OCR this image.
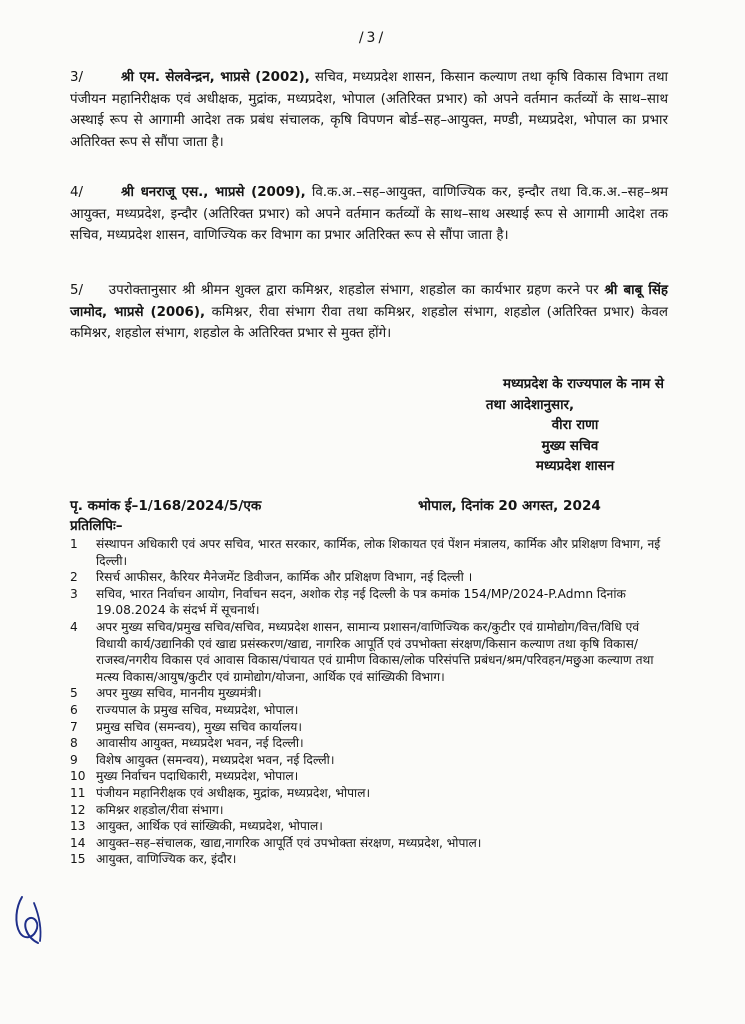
/3/
3/	श्री एम. सेलवेन्द्रन, भाप्रसे (2002), सचिव, मध्यप्रदेश शासन, किसान कल्याण तथा कृषि विकास विभाग तथा पंजीयन महानिरीक्षक एवं अधीक्षक, मुद्रांक, मध्यप्रदेश, भोपाल (अतिरिक्त प्रभार) को अपने वर्तमान कर्तव्यों के साथ–साथ अस्थाई रूप से आगामी आदेश तक प्रबंध संचालक, कृषि विपणन बोर्ड–सह–आयुक्त, मण्डी, मध्यप्रदेश, भोपाल का प्रभार अतिरिक्त रूप से सौंपा जाता है।
4/	श्री धनराजू एस., भाप्रसे (2009), वि.क.अ.–सह–आयुक्त, वाणिज्यिक कर, इन्दौर तथा वि.क.अ.–सह–श्रम आयुक्त, मध्यप्रदेश, इन्दौर (अतिरिक्त प्रभार) को अपने वर्तमान कर्तव्यों के साथ–साथ अस्थाई रूप से आगामी आदेश तक सचिव, मध्यप्रदेश शासन, वाणिज्यिक कर विभाग का प्रभार अतिरिक्त रूप से सौंपा जाता है।
5/ उपरोक्तानुसार श्री श्रीमन शुक्ल द्वारा कमिश्नर, शहडोल संभाग, शहडोल का कार्यभार ग्रहण करने पर श्री बाबू सिंह जामोद, भाप्रसे (2006), कमिश्नर, रीवा संभाग रीवा तथा कमिश्नर, शहडोल संभाग, शहडोल (अतिरिक्त प्रभार) केवल कमिश्नर, शहडोल संभाग, शहडोल के अतिरिक्त प्रभार से मुक्त होंगे।
मध्यप्रदेश के राज्यपाल के नाम से
तथा आदेशानुसार,
वीरा राणा
मुख्य सचिव
मध्यप्रदेश शासन
पृ. कमांक ई–1/168/2024/5/एक	भोपाल, दिनांक 20 अगस्त, 2024
प्रतिलिपिः–
1	संस्थापन अधिकारी एवं अपर सचिव, भारत सरकार, कार्मिक, लोक शिकायत एवं पेंशन मंत्रालय, कार्मिक और प्रशिक्षण विभाग, नई दिल्ली।
2	रिसर्च आफीसर, कैरियर मैनेजमेंट डिवीजन, कार्मिक और प्रशिक्षण विभाग, नई दिल्ली ।
3	सचिव, भारत निर्वाचन आयोग, निर्वाचन सदन, अशोक रोड़ नई दिल्ली के पत्र कमांक 154/MP/2024-P.Admn दिनांक 19.08.2024 के संदर्भ में सूचनार्थ।
4	अपर मुख्य सचिव/प्रमुख सचिव/सचिव, मध्यप्रदेश शासन, सामान्य प्रशासन/वाणिज्यिक कर/कुटीर एवं ग्रामोद्योग/वित्त/विधि एवं विधायी कार्य/उद्यानिकी एवं खाद्य प्रसंस्करण/खाद्य, नागरिक आपूर्ति एवं उपभोक्ता संरक्षण/किसान कल्याण तथा कृषि विकास/राजस्व/नगरीय विकास एवं आवास विकास/पंचायत एवं ग्रामीण विकास/लोक परिसंपत्ति प्रबंधन/श्रम/परिवहन/मछुआ कल्याण तथा मत्स्य विकास/आयुष/कुटीर एवं ग्रामोद्योग/योजना, आर्थिक एवं सांख्यिकी विभाग।
5	अपर मुख्य सचिव, माननीय मुख्यमंत्री।
6	राज्यपाल के प्रमुख सचिव, मध्यप्रदेश, भोपाल।
7	प्रमुख सचिव (समन्वय), मुख्य सचिव कार्यालय।
8	आवासीय आयुक्त, मध्यप्रदेश भवन, नई दिल्ली।
9	विशेष आयुक्त (समन्वय), मध्यप्रदेश भवन, नई दिल्ली।
10 मुख्य निर्वाचन पदाधिकारी, मध्यप्रदेश, भोपाल।
11 पंजीयन महानिरीक्षक एवं अधीक्षक, मुद्रांक, मध्यप्रदेश, भोपाल।
12 कमिश्नर शहडोल/रीवा संभाग।
13 आयुक्त, आर्थिक एवं सांख्यिकी, मध्यप्रदेश, भोपाल।
14 आयुक्त–सह–संचालक, खाद्य,नागरिक आपूर्ति एवं उपभोक्ता संरक्षण, मध्यप्रदेश, भोपाल।
15 आयुक्त, वाणिज्यिक कर, इंदौर।
